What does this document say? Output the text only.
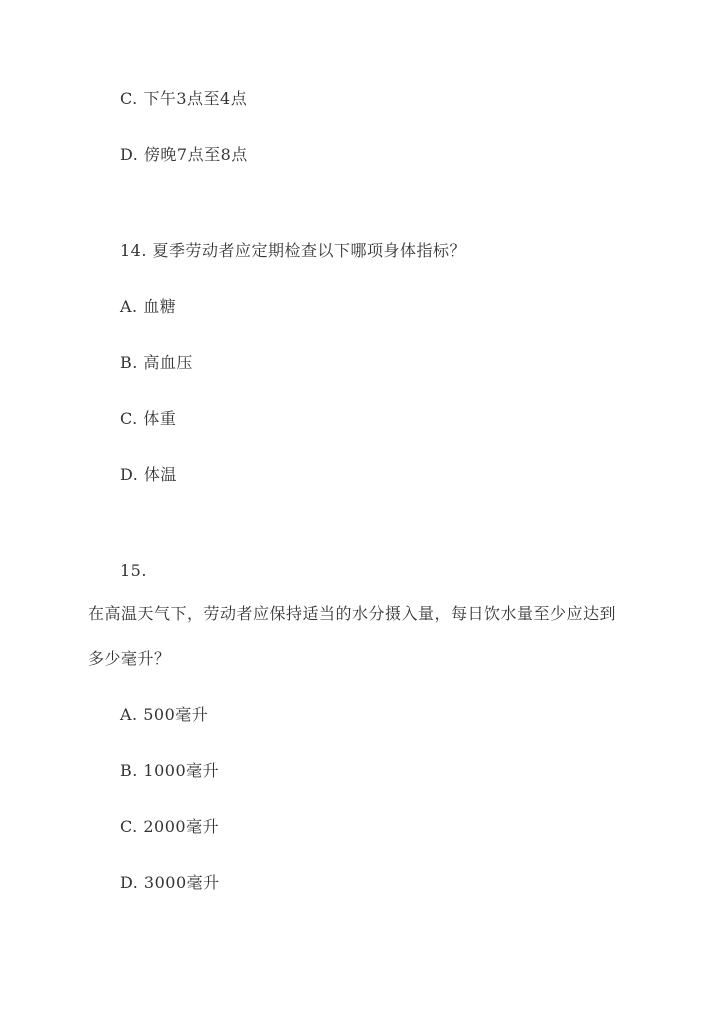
C. 下午3点至4点
D. 傍晚7点至8点
14. 夏季劳动者应定期检查以下哪项身体指标？
A. 血糖
B. 高血压
C. 体重
D. 体温
15.
在高温天气下，劳动者应保持适当的水分摄入量，每日饮水量至少应达到
多少毫升？
A. 500毫升
B. 1000毫升
C. 2000毫升
D. 3000毫升
